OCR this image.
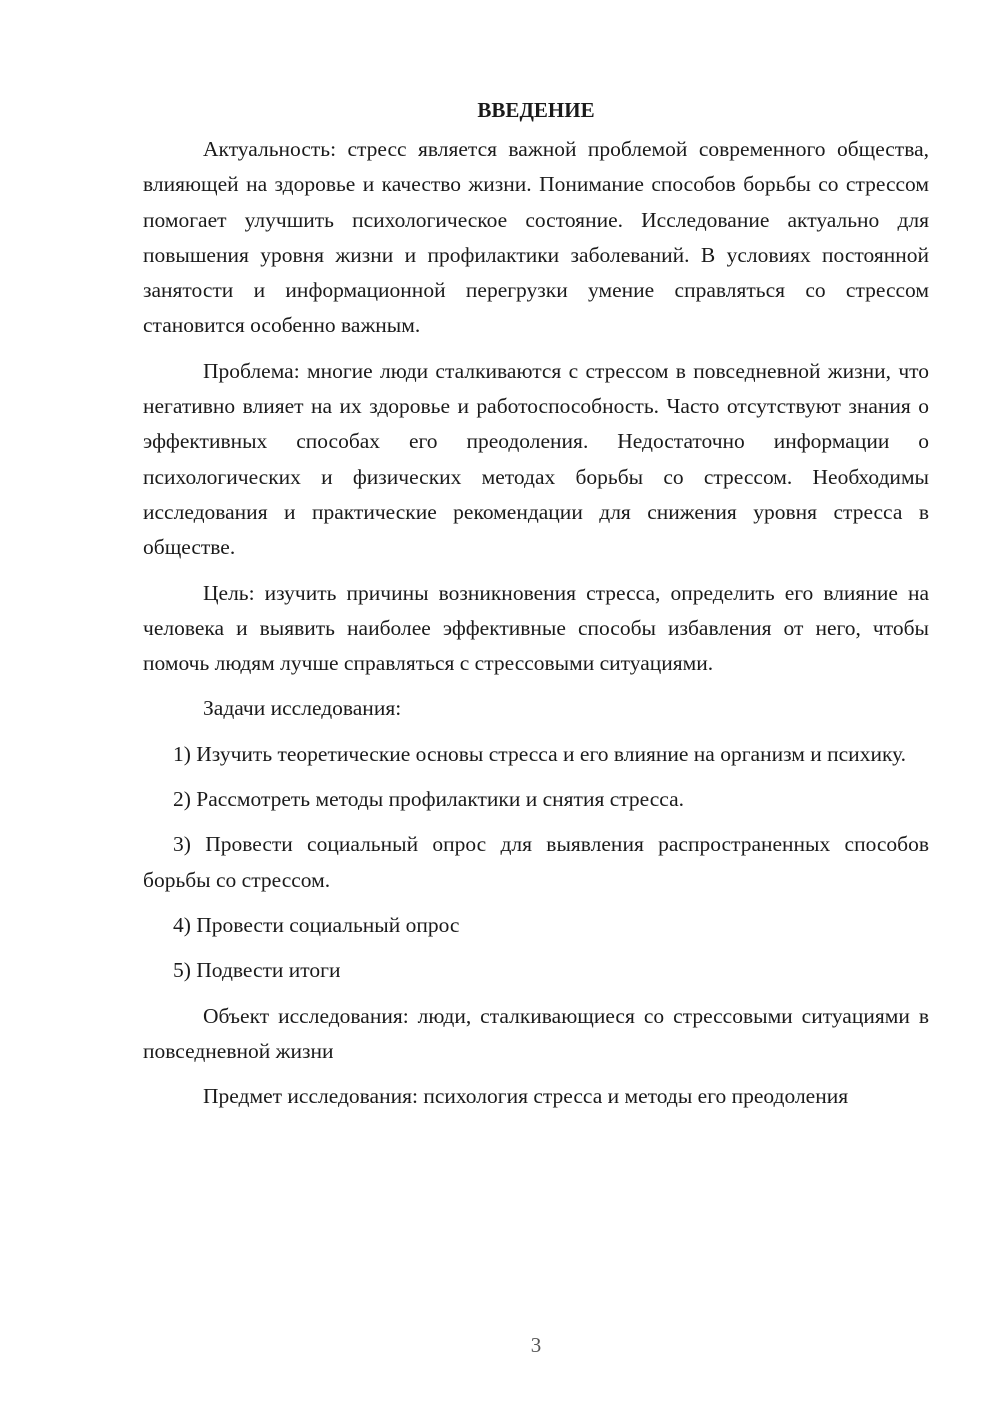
ВВЕДЕНИЕ

Актуальность: стресс является важной проблемой современного общества, влияющей на здоровье и качество жизни. Понимание способов борьбы со стрессом помогает улучшить психологическое состояние. Исследование актуально для повышения уровня жизни и профилактики заболеваний. В условиях постоянной занятости и информационной перегрузки умение справляться со стрессом становится особенно важным.

Проблема: многие люди сталкиваются с стрессом в повседневной жизни, что негативно влияет на их здоровье и работоспособность. Часто отсутствуют знания о эффективных способах его преодоления. Недостаточно информации о психологических и физических методах борьбы со стрессом. Необходимы исследования и практические рекомендации для снижения уровня стресса в обществе.

Цель: изучить причины возникновения стресса, определить его влияние на человека и выявить наиболее эффективные способы избавления от него, чтобы помочь людям лучше справляться с стрессовыми ситуациями.

Задачи исследования:

1) Изучить теоретические основы стресса и его влияние на организм и психику.

2) Рассмотреть методы профилактики и снятия стресса.

3) Провести социальный опрос для выявления распространенных способов борьбы со стрессом.

4) Провести социальный опрос

5) Подвести итоги

Объект исследования: люди, сталкивающиеся со стрессовыми ситуациями в повседневной жизни

Предмет исследования: психология стресса и методы его преодоления

3
